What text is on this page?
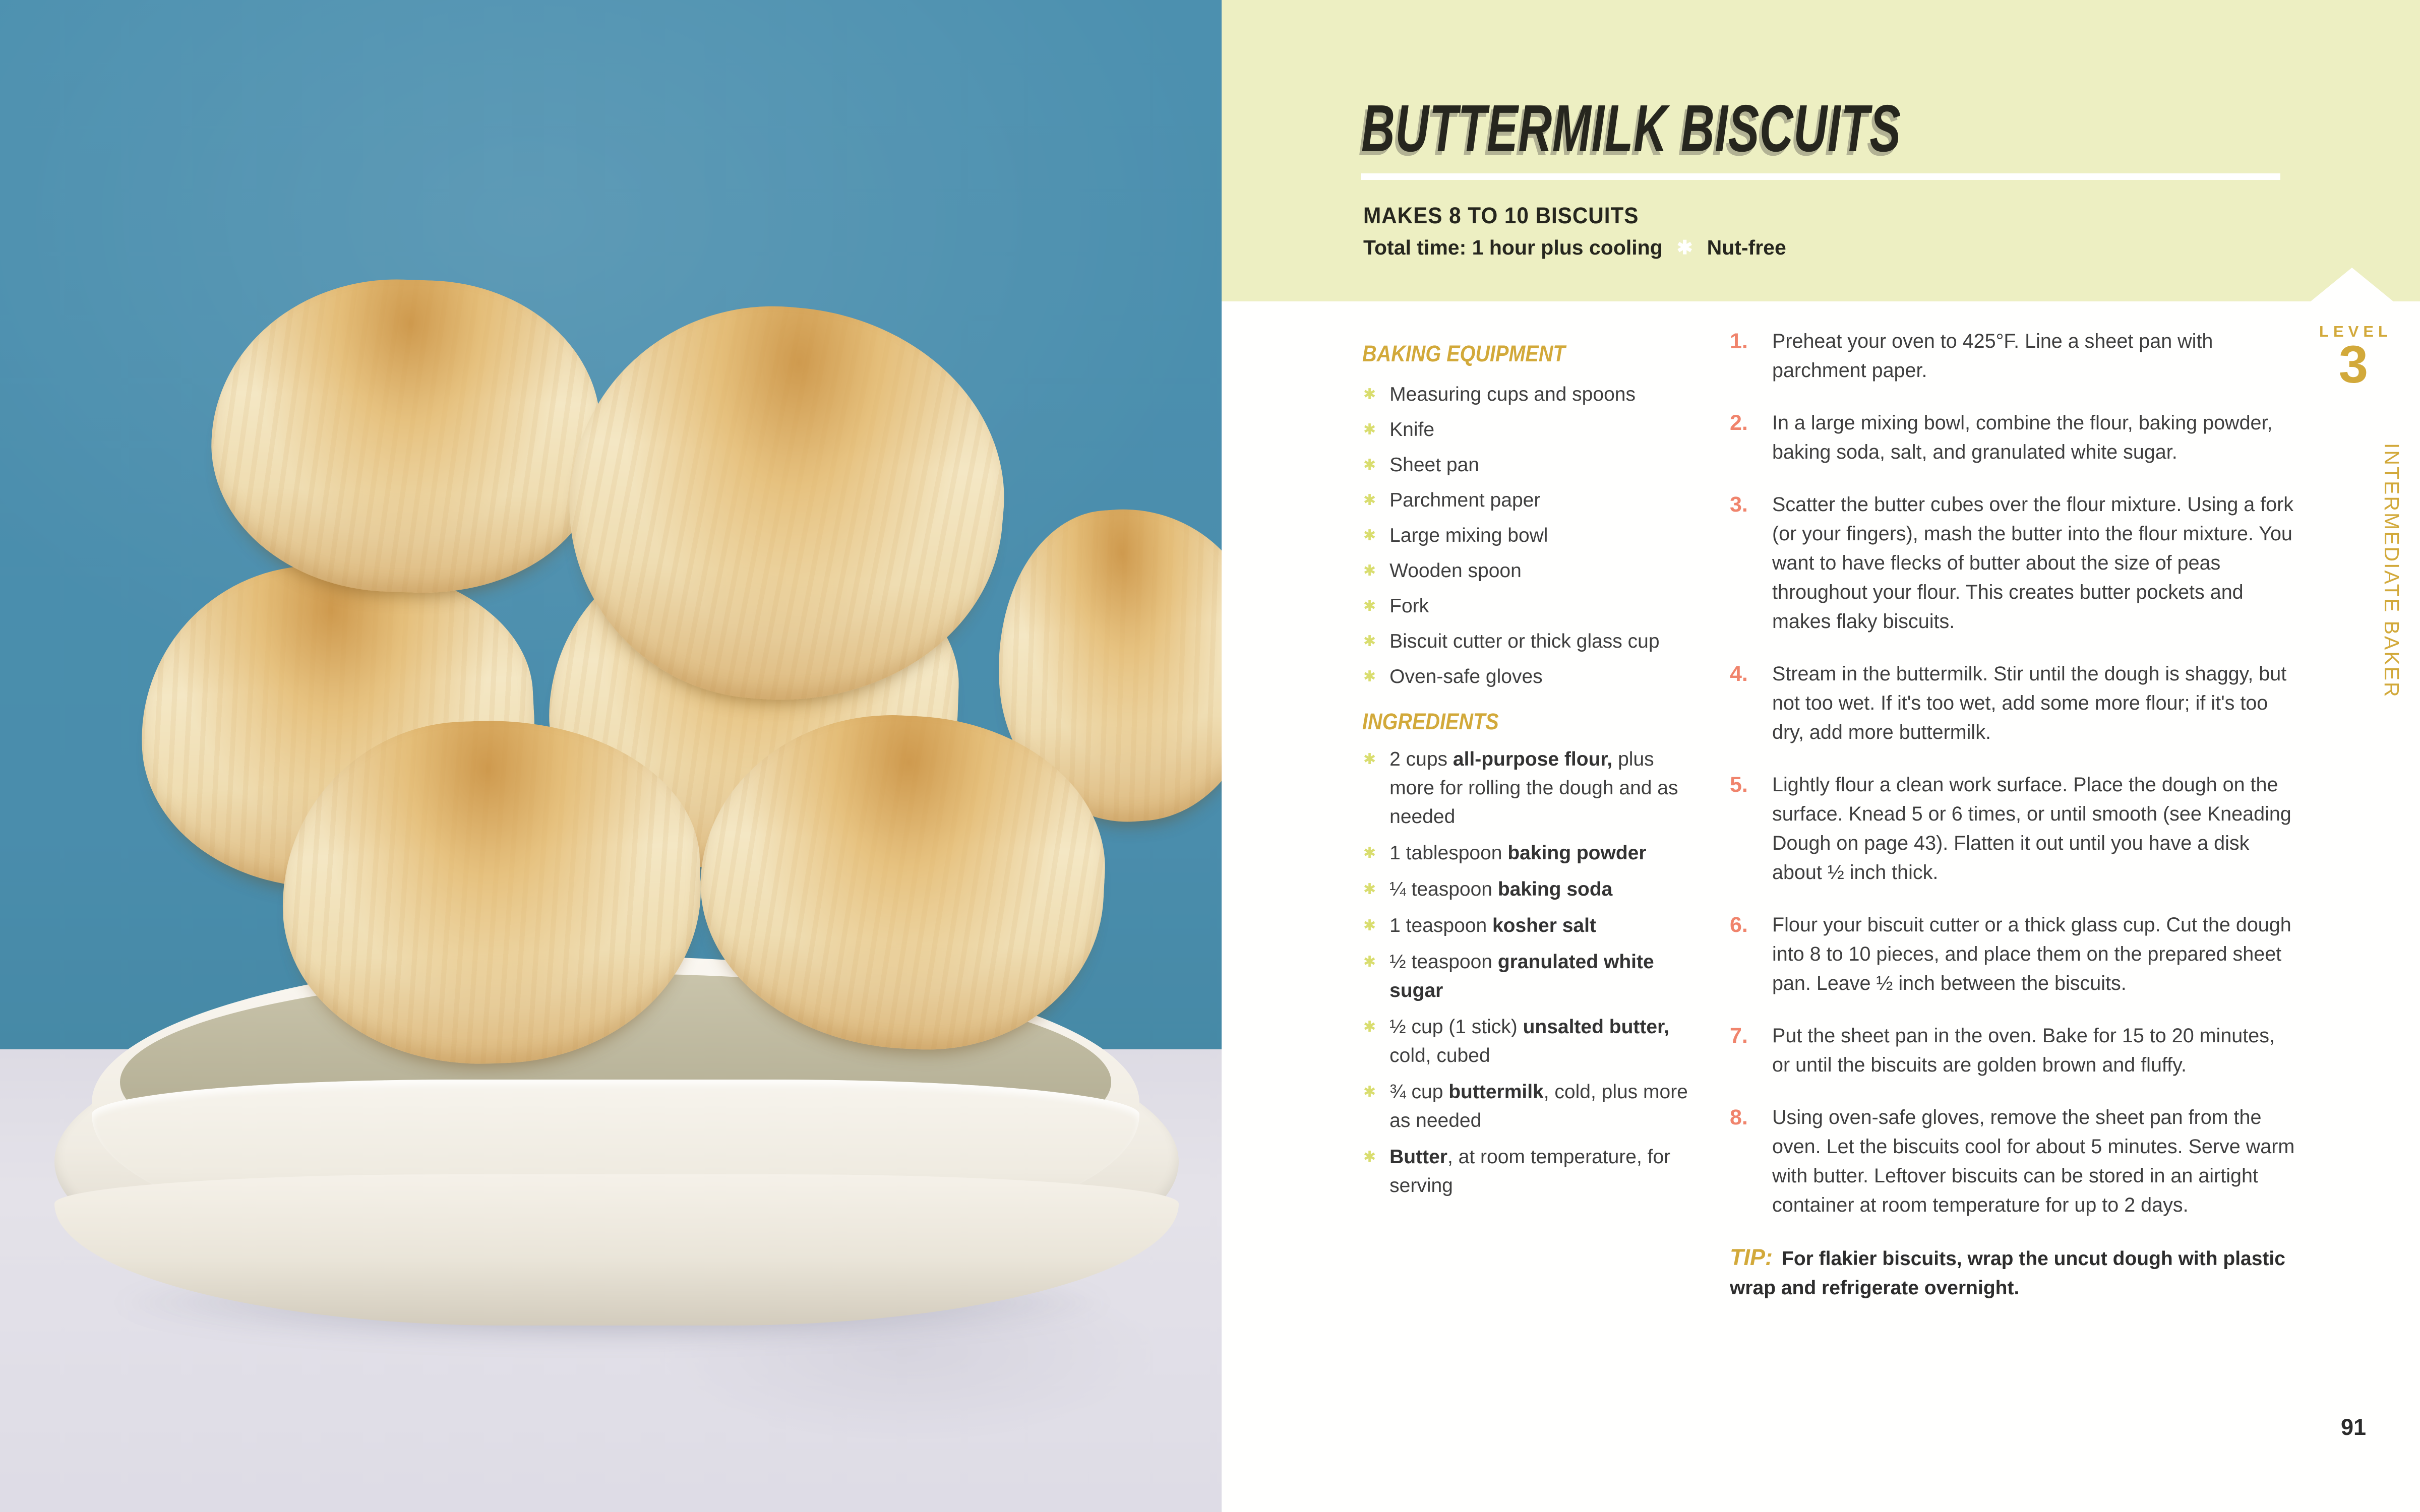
BUTTERMILK BISCUITS
MAKES 8 TO 10 BISCUITS
Total time: 1 hour plus cooling ✱ Nut-free
BAKING EQUIPMENT
✱ Measuring cups and spoons
✱ Knife
✱ Sheet pan
✱ Parchment paper
✱ Large mixing bowl
✱ Wooden spoon
✱ Fork
✱ Biscuit cutter or thick glass cup
✱ Oven-safe gloves
INGREDIENTS
✱ 2 cups all-purpose flour, plus more for rolling the dough and as needed
✱ 1 tablespoon baking powder
✱ ¼ teaspoon baking soda
✱ 1 teaspoon kosher salt
✱ ½ teaspoon granulated white sugar
✱ ½ cup (1 stick) unsalted butter, cold, cubed
✱ ¾ cup buttermilk, cold, plus more as needed
✱ Butter, at room temperature, for serving
1. Preheat your oven to 425°F. Line a sheet pan with parchment paper.
2. In a large mixing bowl, combine the flour, baking powder, baking soda, salt, and granulated white sugar.
3. Scatter the butter cubes over the flour mixture. Using a fork (or your fingers), mash the butter into the flour mixture. You want to have flecks of butter about the size of peas throughout your flour. This creates butter pockets and makes flaky biscuits.
4. Stream in the buttermilk. Stir until the dough is shaggy, but not too wet. If it's too wet, add some more flour; if it's too dry, add more buttermilk.
5. Lightly flour a clean work surface. Place the dough on the surface. Knead 5 or 6 times, or until smooth (see Kneading Dough on page 43). Flatten it out until you have a disk about ½ inch thick.
6. Flour your biscuit cutter or a thick glass cup. Cut the dough into 8 to 10 pieces, and place them on the prepared sheet pan. Leave ½ inch between the biscuits.
7. Put the sheet pan in the oven. Bake for 15 to 20 minutes, or until the biscuits are golden brown and fluffy.
8. Using oven-safe gloves, remove the sheet pan from the oven. Let the biscuits cool for about 5 minutes. Serve warm with butter. Leftover biscuits can be stored in an airtight container at room temperature for up to 2 days.
TIP: For flakier biscuits, wrap the uncut dough with plastic wrap and refrigerate overnight.
LEVEL
3
INTERMEDIATE BAKER
91
